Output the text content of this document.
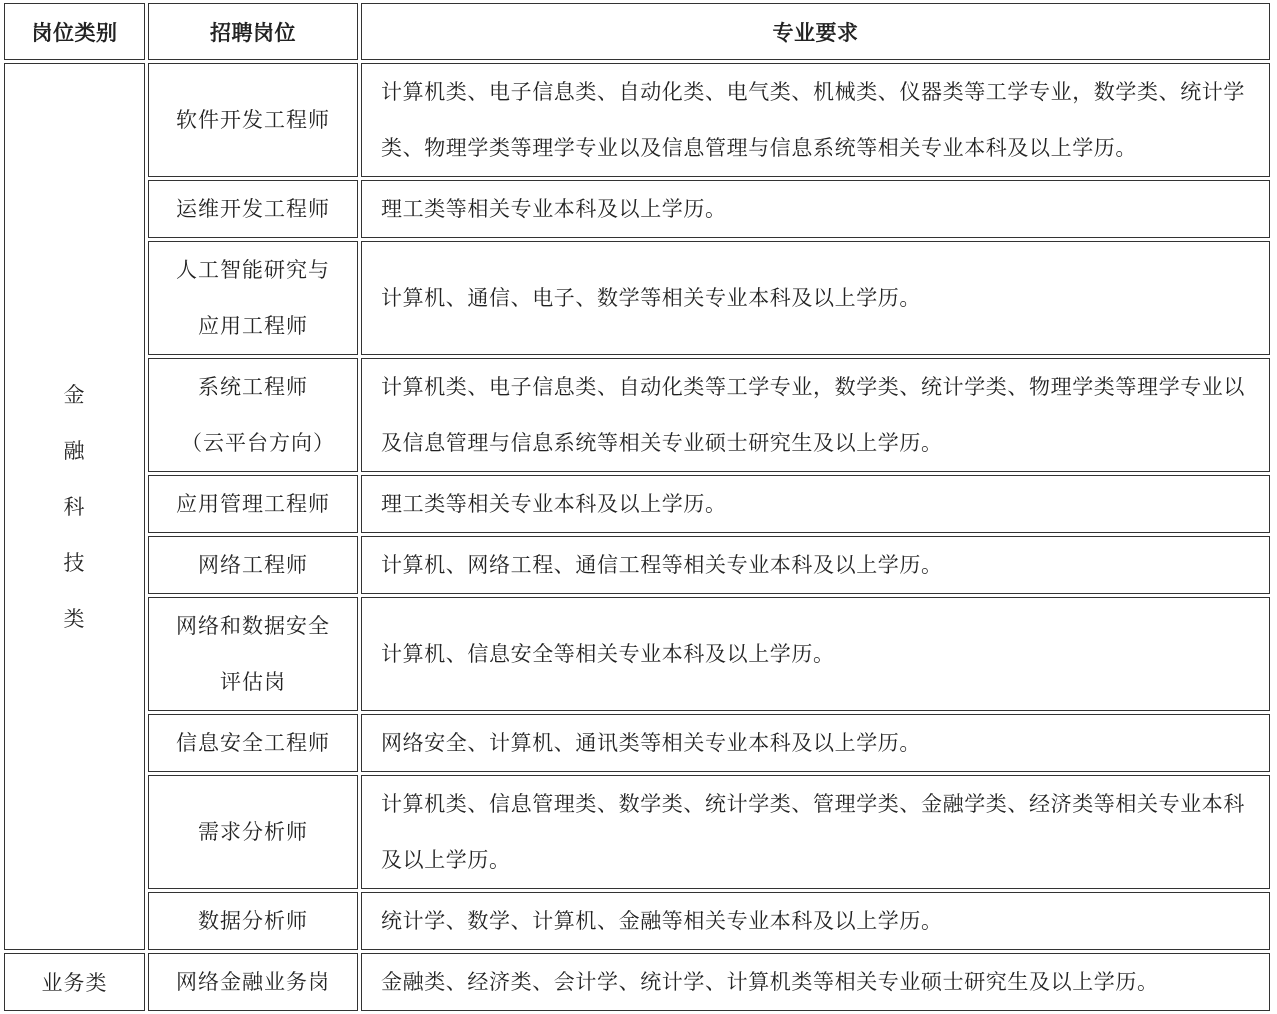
岗位类别	招聘岗位	专业要求
金融科技类	软件开发工程师	计算机类、电子信息类、自动化类、电气类、机械类、仪器类等工学专业，数学类、统计学类、物理学类等理学专业以及信息管理与信息系统等相关专业本科及以上学历。
	运维开发工程师	理工类等相关专业本科及以上学历。
	人工智能研究与应用工程师	计算机、通信、电子、数学等相关专业本科及以上学历。
	系统工程师（云平台方向）	计算机类、电子信息类、自动化类等工学专业，数学类、统计学类、物理学类等理学专业以及信息管理与信息系统等相关专业硕士研究生及以上学历。
	应用管理工程师	理工类等相关专业本科及以上学历。
	网络工程师	计算机、网络工程、通信工程等相关专业本科及以上学历。
	网络和数据安全评估岗	计算机、信息安全等相关专业本科及以上学历。
	信息安全工程师	网络安全、计算机、通讯类等相关专业本科及以上学历。
	需求分析师	计算机类、信息管理类、数学类、统计学类、管理学类、金融学类、经济类等相关专业本科及以上学历。
	数据分析师	统计学、数学、计算机、金融等相关专业本科及以上学历。
业务类	网络金融业务岗	金融类、经济类、会计学、统计学、计算机类等相关专业硕士研究生及以上学历。
